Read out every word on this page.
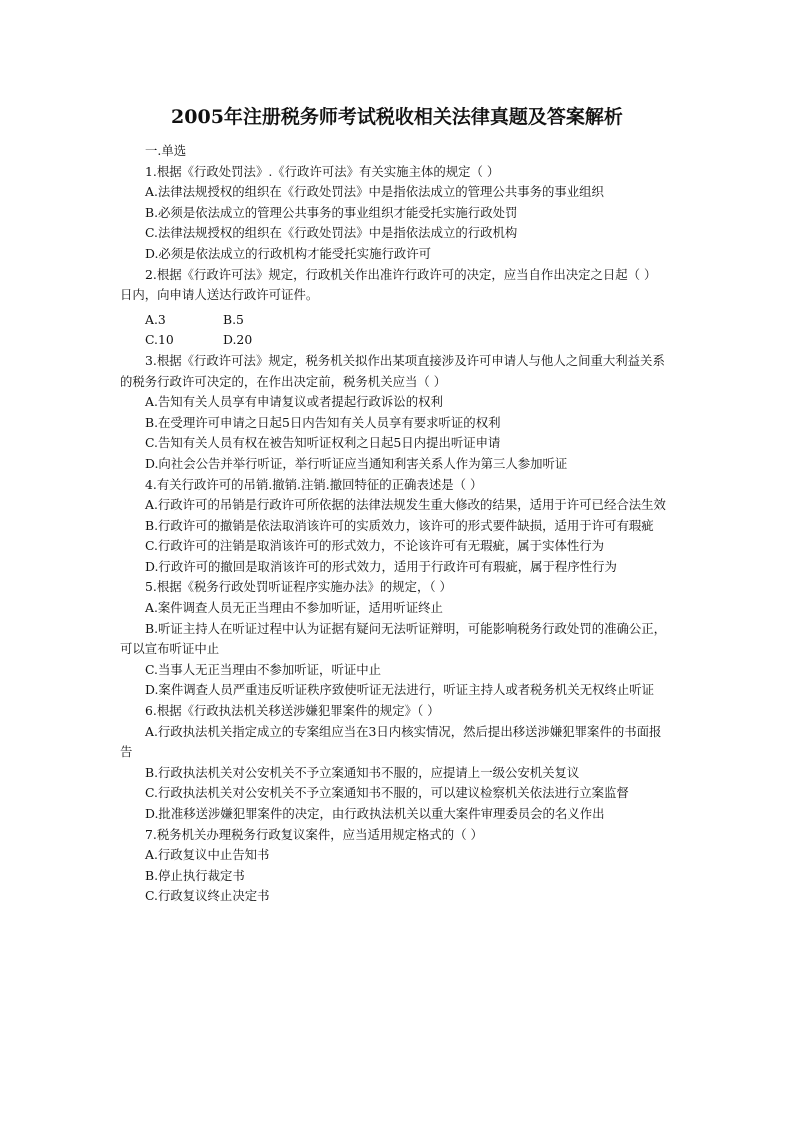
2005年注册税务师考试税收相关法律真题及答案解析
一.单选
1.根据《行政处罚法》.《行政许可法》有关实施主体的规定（ ）
A.法律法规授权的组织在《行政处罚法》中是指依法成立的管理公共事务的事业组织
B.必须是依法成立的管理公共事务的事业组织才能受托实施行政处罚
C.法律法规授权的组织在《行政处罚法》中是指依法成立的行政机构
D.必须是依法成立的行政机构才能受托实施行政许可
2.根据《行政许可法》规定，行政机关作出准许行政许可的决定，应当自作出决定之日起（ ）日内，向申请人送达行政许可证件。
A.3	B.5
C.10	D.20
3.根据《行政许可法》规定，税务机关拟作出某项直接涉及许可申请人与他人之间重大利益关系的税务行政许可决定的，在作出决定前，税务机关应当（ ）
A.告知有关人员享有申请复议或者提起行政诉讼的权利
B.在受理许可申请之日起5日内告知有关人员享有要求听证的权利
C.告知有关人员有权在被告知听证权利之日起5日内提出听证申请
D.向社会公告并举行听证，举行听证应当通知利害关系人作为第三人参加听证
4.有关行政许可的吊销.撤销.注销.撤回特征的正确表述是（ ）
A.行政许可的吊销是行政许可所依据的法律法规发生重大修改的结果，适用于许可已经合法生效
B.行政许可的撤销是依法取消该许可的实质效力，该许可的形式要件缺损，适用于许可有瑕疵
C.行政许可的注销是取消该许可的形式效力，不论该许可有无瑕疵，属于实体性行为
D.行政许可的撤回是取消该许可的形式效力，适用于行政许可有瑕疵，属于程序性行为
5.根据《税务行政处罚听证程序实施办法》的规定，（ ）
A.案件调查人员无正当理由不参加听证，适用听证终止
B.听证主持人在听证过程中认为证据有疑问无法听证辩明，可能影响税务行政处罚的准确公正，可以宣布听证中止
C.当事人无正当理由不参加听证，听证中止
D.案件调查人员严重违反听证秩序致使听证无法进行，听证主持人或者税务机关无权终止听证
6.根据《行政执法机关移送涉嫌犯罪案件的规定》（ ）
A.行政执法机关指定成立的专案组应当在3日内核实情况，然后提出移送涉嫌犯罪案件的书面报告
B.行政执法机关对公安机关不予立案通知书不服的，应提请上一级公安机关复议
C.行政执法机关对公安机关不予立案通知书不服的，可以建议检察机关依法进行立案监督
D.批准移送涉嫌犯罪案件的决定，由行政执法机关以重大案件审理委员会的名义作出
7.税务机关办理税务行政复议案件，应当适用规定格式的（ ）
A.行政复议中止告知书
B.停止执行裁定书
C.行政复议终止决定书
